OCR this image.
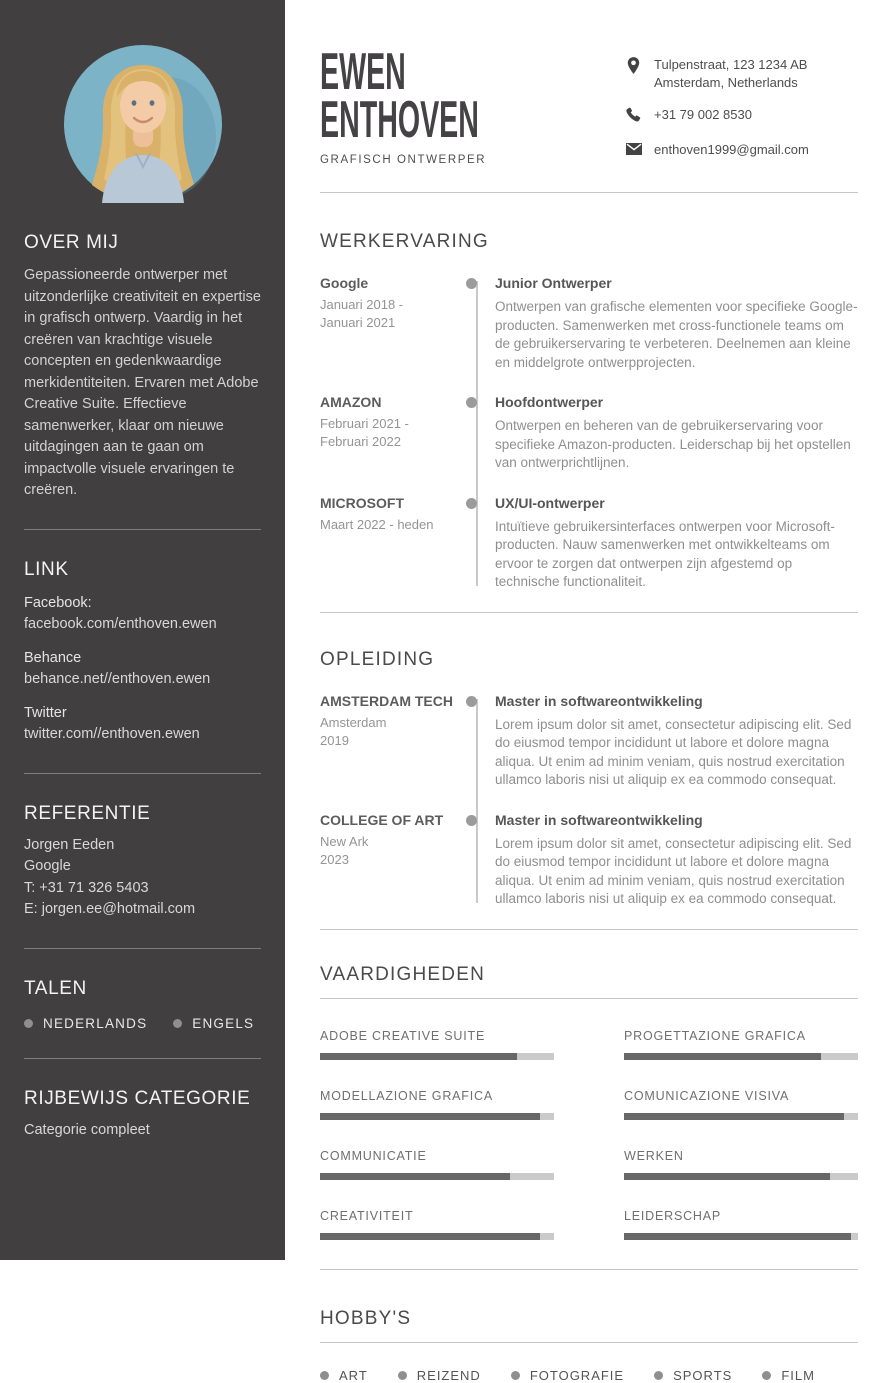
OVER MIJ
Gepassioneerde ontwerper met uitzonderlijke creativiteit en expertise in grafisch ontwerp. Vaardig in het creëren van krachtige visuele concepten en gedenkwaardige merkidentiteiten. Ervaren met Adobe Creative Suite. Effectieve samenwerker, klaar om nieuwe uitdagingen aan te gaan om impactvolle visuele ervaringen te creëren.
LINK
Facebook:
facebook.com/enthoven.ewen
Behance
behance.net//enthoven.ewen
Twitter
twitter.com//enthoven.ewen
REFERENTIE
Jorgen Eeden
Google
T: +31 71 326 5403
E: jorgen.ee@hotmail.com
TALEN
NEDERLANDS	ENGELS
RIJBEWIJS CATEGORIE
Categorie compleet
EWEN
ENTHOVEN
GRAFISCH ONTWERPER
Tulpenstraat, 123 1234 AB Amsterdam, Netherlands
+31 79 002 8530
enthoven1999@gmail.com
WERKERVARING
Google
Januari 2018 -
Januari 2021
Junior Ontwerper
Ontwerpen van grafische elementen voor specifieke Google-producten. Samenwerken met cross-functionele teams om de gebruikerservaring te verbeteren. Deelnemen aan kleine en middelgrote ontwerpprojecten.
AMAZON
Februari 2021 -
Februari 2022
Hoofdontwerper
Ontwerpen en beheren van de gebruikerservaring voor specifieke Amazon-producten. Leiderschap bij het opstellen van ontwerprichtlijnen.
MICROSOFT
Maart 2022 - heden
UX/UI-ontwerper
Intuïtieve gebruikersinterfaces ontwerpen voor Microsoft-producten. Nauw samenwerken met ontwikkelteams om ervoor te zorgen dat ontwerpen zijn afgestemd op technische functionaliteit.
OPLEIDING
AMSTERDAM TECH
Amsterdam
2019
Master in softwareontwikkeling
Lorem ipsum dolor sit amet, consectetur adipiscing elit. Sed do eiusmod tempor incididunt ut labore et dolore magna aliqua. Ut enim ad minim veniam, quis nostrud exercitation ullamco laboris nisi ut aliquip ex ea commodo consequat.
COLLEGE OF ART
New Ark
2023
Master in softwareontwikkeling
Lorem ipsum dolor sit amet, consectetur adipiscing elit. Sed do eiusmod tempor incididunt ut labore et dolore magna aliqua. Ut enim ad minim veniam, quis nostrud exercitation ullamco laboris nisi ut aliquip ex ea commodo consequat.
VAARDIGHEDEN
ADOBE CREATIVE SUITE
MODELLAZIONE GRAFICA
COMMUNICATIE
CREATIVITEIT
PROGETTAZIONE GRAFICA
COMUNICAZIONE VISIVA
WERKEN
LEIDERSCHAP
HOBBY'S
ART	REIZEND	FOTOGRAFIE	SPORTS	FILM
